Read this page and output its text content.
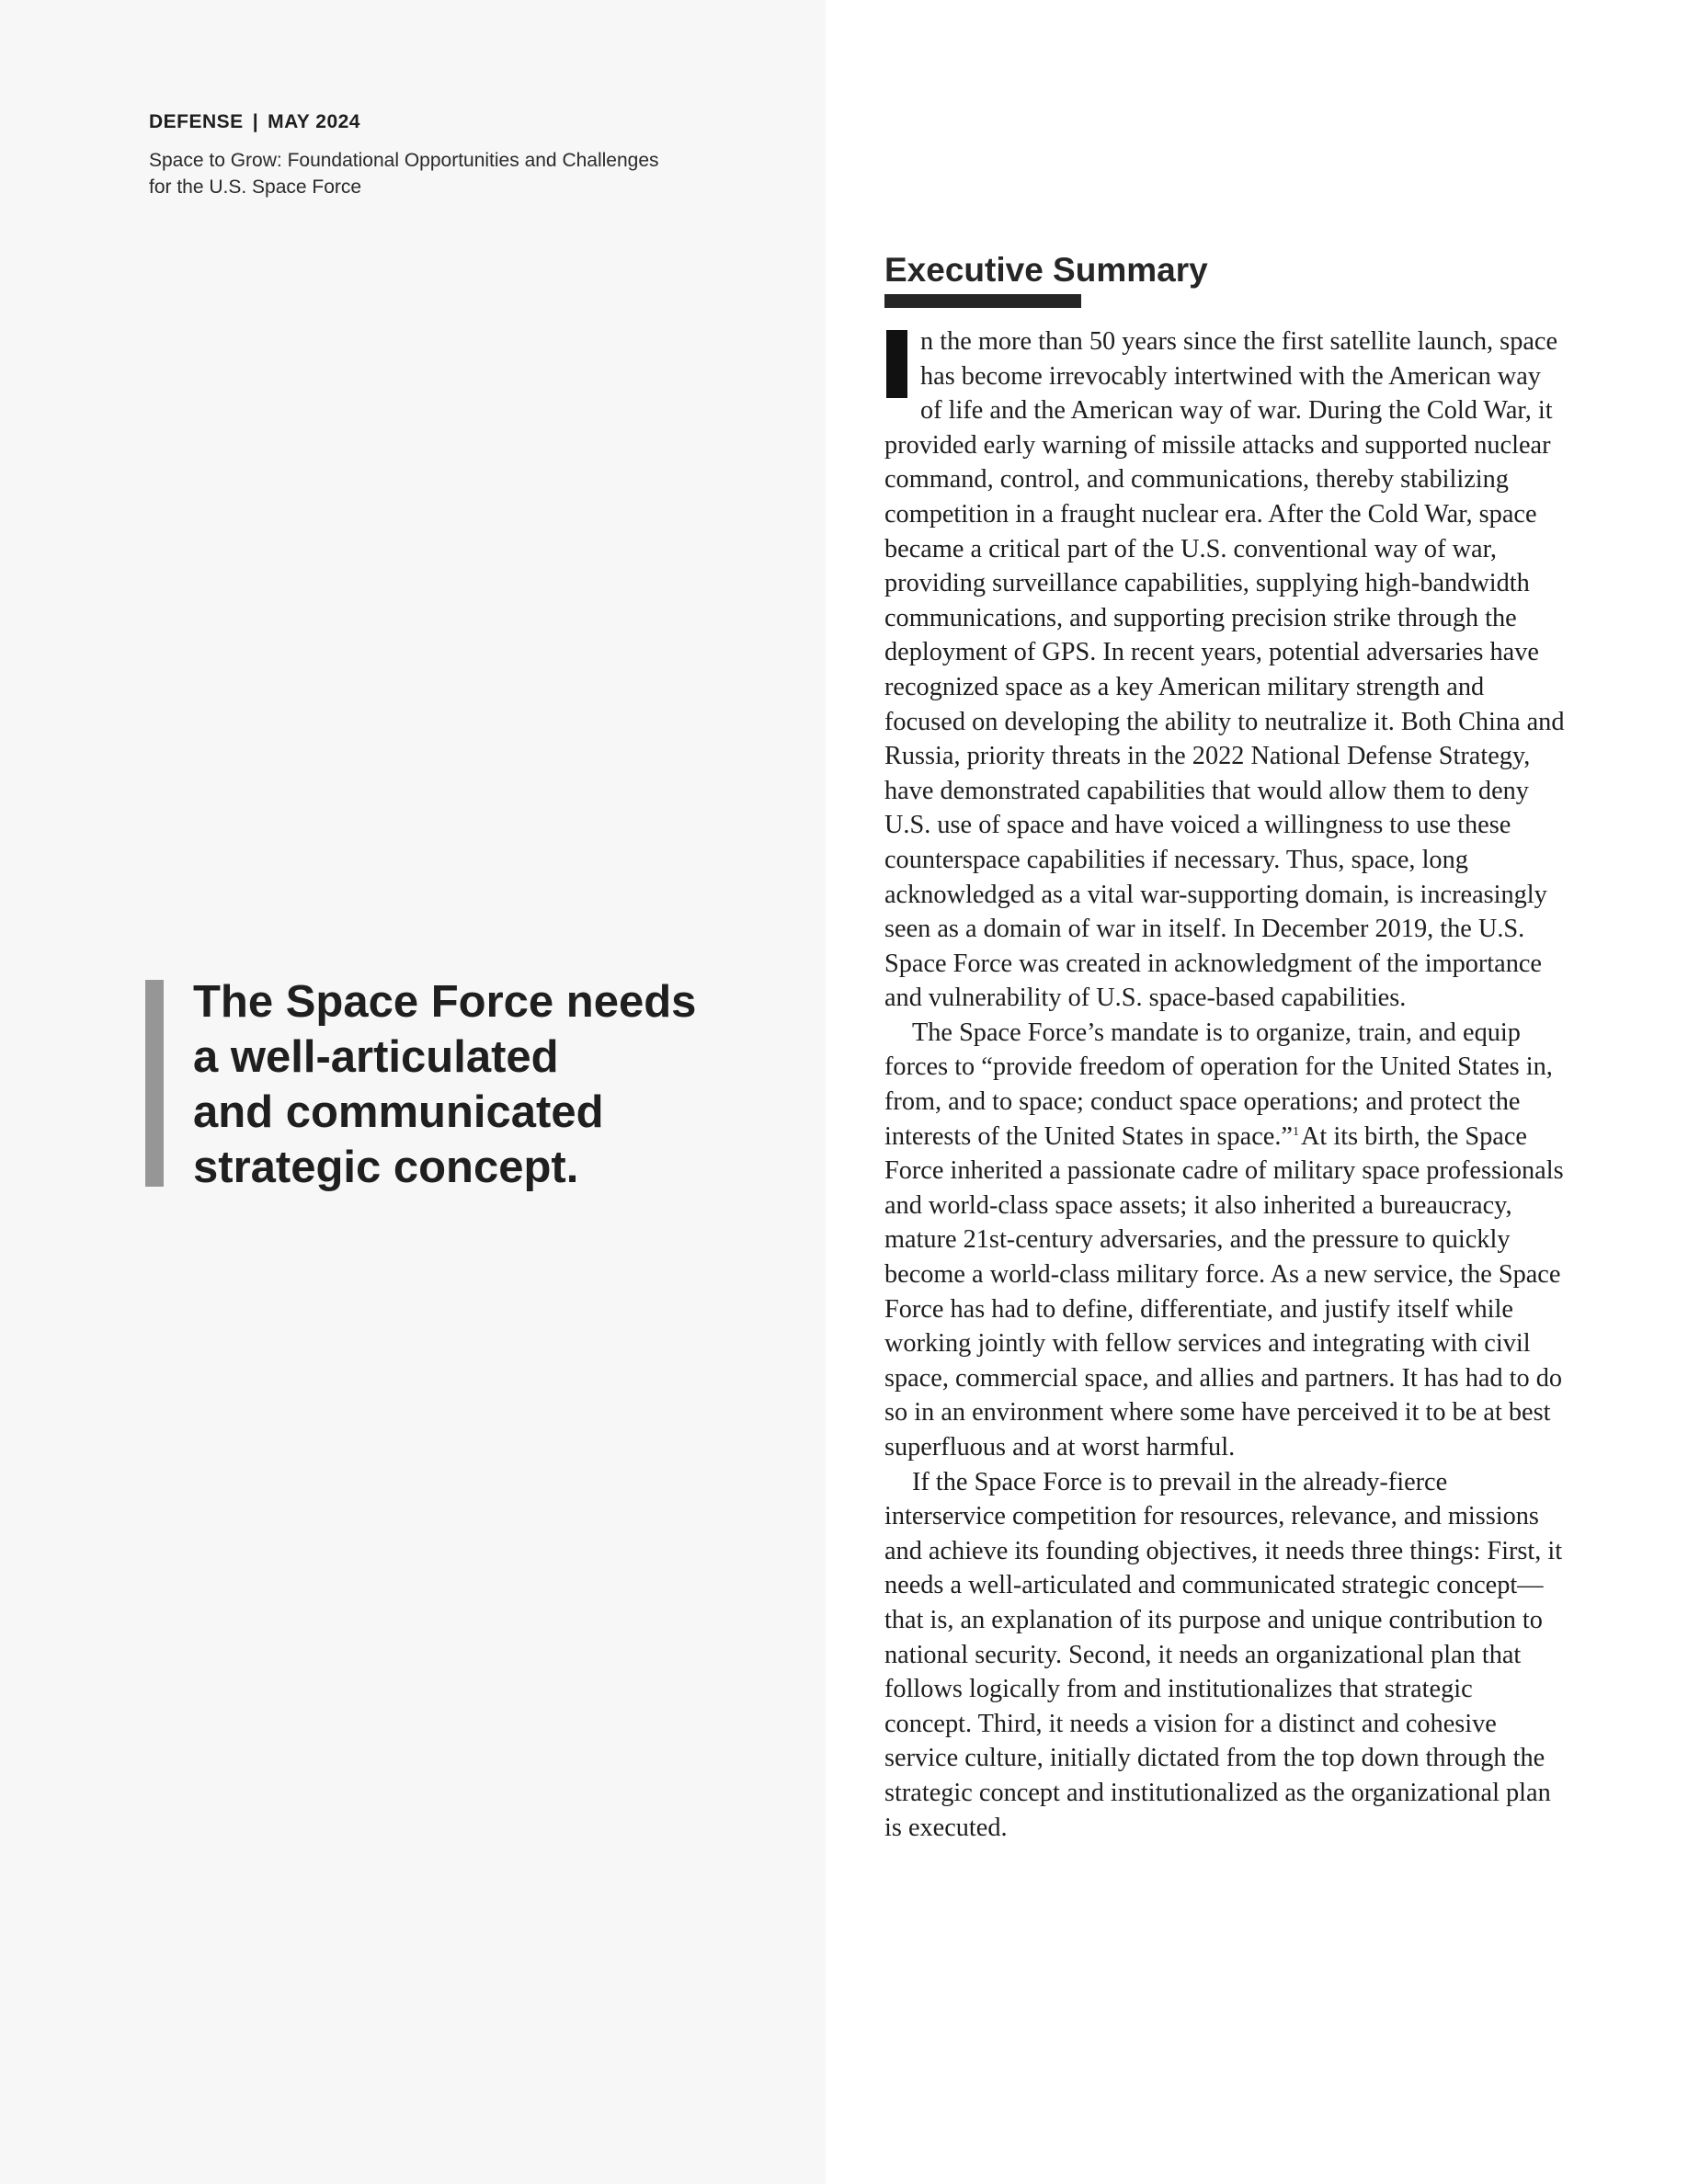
DEFENSE | MAY 2024

Space to Grow: Foundational Opportunities and Challenges
for the U.S. Space Force

The Space Force needs
a well-articulated
and communicated
strategic concept.

Executive Summary

n the more than 50 years since the first satellite launch, space has become irrevocably intertwined with the American way of life and the American way of war. During the Cold War, it provided early warning of missile attacks and supported nuclear command, control, and communications, thereby stabilizing competition in a fraught nuclear era. After the Cold War, space became a critical part of the U.S. conventional way of war, providing surveillance capabilities, supplying high-bandwidth communications, and supporting precision strike through the deployment of GPS. In recent years, potential adversaries have recognized space as a key American military strength and focused on developing the ability to neutralize it. Both China and Russia, priority threats in the 2022 National Defense Strategy, have demonstrated capabilities that would allow them to deny U.S. use of space and have voiced a willingness to use these counterspace capabilities if necessary. Thus, space, long acknowledged as a vital war-supporting domain, is increasingly seen as a domain of war in itself. In December 2019, the U.S. Space Force was created in acknowledgment of the importance and vulnerability of U.S. space-based capabilities.

The Space Force’s mandate is to organize, train, and equip forces to “provide freedom of operation for the United States in, from, and to space; conduct space operations; and protect the interests of the United States in space.”$^1$At its birth, the Space Force inherited a passionate cadre of military space professionals and world-class space assets; it also inherited a bureaucracy, mature 21st-century adversaries, and the pressure to quickly become a world-class military force. As a new service, the Space Force has had to define, differentiate, and justify itself while working jointly with fellow services and integrating with civil space, commercial space, and allies and partners. It has had to do so in an environment where some have perceived it to be at best superfluous and at worst harmful.

If the Space Force is to prevail in the already-fierce interservice competition for resources, relevance, and missions and achieve its founding objectives, it needs three things: First, it needs a well-articulated and communicated strategic concept—that is, an explanation of its purpose and unique contribution to national security. Second, it needs an organizational plan that follows logically from and institutionalizes that strategic concept. Third, it needs a vision for a distinct and cohesive service culture, initially dictated from the top down through the strategic concept and institutionalized as the organizational plan is executed.
